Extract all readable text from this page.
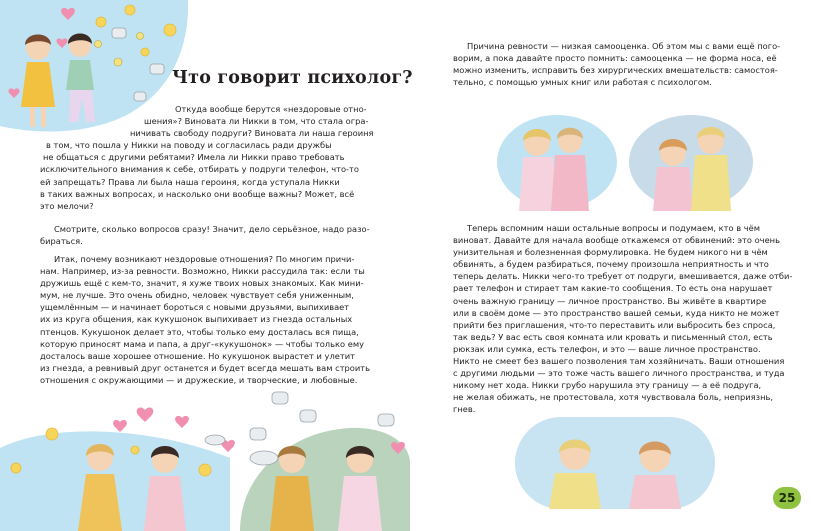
Что говорит психолог?
Откуда вообще берутся «нездоровые отно-
шения»? Виновата ли Никки в том, что стала огра-
ничивать свободу подруги? Виновата ли наша героиня
в том, что пошла у Никки на поводу и согласилась ради дружбы
не общаться с другими ребятами? Имела ли Никки право требовать
исключительного внимания к себе, отбирать у подруги телефон, что-то
ей запрещать? Права ли была наша героиня, когда уступала Никки
в таких важных вопросах, и насколько они вообще важны? Может, всё
это мелочи?
Смотрите, сколько вопросов сразу! Значит, дело серьёзное, надо разо-
бираться.
Итак, почему возникают нездоровые отношения? По многим причи-
нам. Например, из-за ревности. Возможно, Никки рассудила так: если ты
дружишь ещё с кем-то, значит, я хуже твоих новых знакомых. Как мини-
мум, не лучше. Это очень обидно, человек чувствует себя униженным,
ущемлённым — и начинает бороться с новыми друзьями, выпихивает
их из круга общения, как кукушонок выпихивает из гнезда остальных
птенцов. Кукушонок делает это, чтобы только ему досталась вся пища,
которую приносят мама и папа, а друг-«кукушонок» — чтобы только ему
досталось ваше хорошее отношение. Но кукушонок вырастет и улетит
из гнезда, а ревнивый друг останется и будет всегда мешать вам строить
отношения с окружающими — и дружеские, и творческие, и любовные.
Причина ревности — низкая самооценка. Об этом мы с вами ещё пого-
ворим, а пока давайте просто помнить: самооценка — не форма носа, её
можно изменить, исправить без хирургических вмешательств: самостоя-
тельно, с помощью умных книг или работая с психологом.
Теперь вспомним наши остальные вопросы и подумаем, кто в чём
виноват. Давайте для начала вообще откажемся от обвинений: это очень
унизительная и болезненная формулировка. Не будем никого ни в чём
обвинять, а будем разбираться, почему произошла неприятность и что
теперь делать. Никки чего-то требует от подруги, вмешивается, даже отби-
рает телефон и стирает там какие-то сообщения. То есть она нарушает
очень важную границу — личное пространство. Вы живёте в квартире
или в своём доме — это пространство вашей семьи, куда никто не может
прийти без приглашения, что-то переставить или выбросить без спроса,
так ведь? У вас есть своя комната или кровать и письменный стол, есть
рюкзак или сумка, есть телефон, и это — ваше личное пространство.
Никто не смеет без вашего позволения там хозяйничать. Ваши отношения
с другими людьми — это тоже часть вашего личного пространства, и туда
никому нет хода. Никки грубо нарушила эту границу — а её подруга,
не желая обижать, не протестовала, хотя чувствовала боль, неприязнь,
гнев.
25
